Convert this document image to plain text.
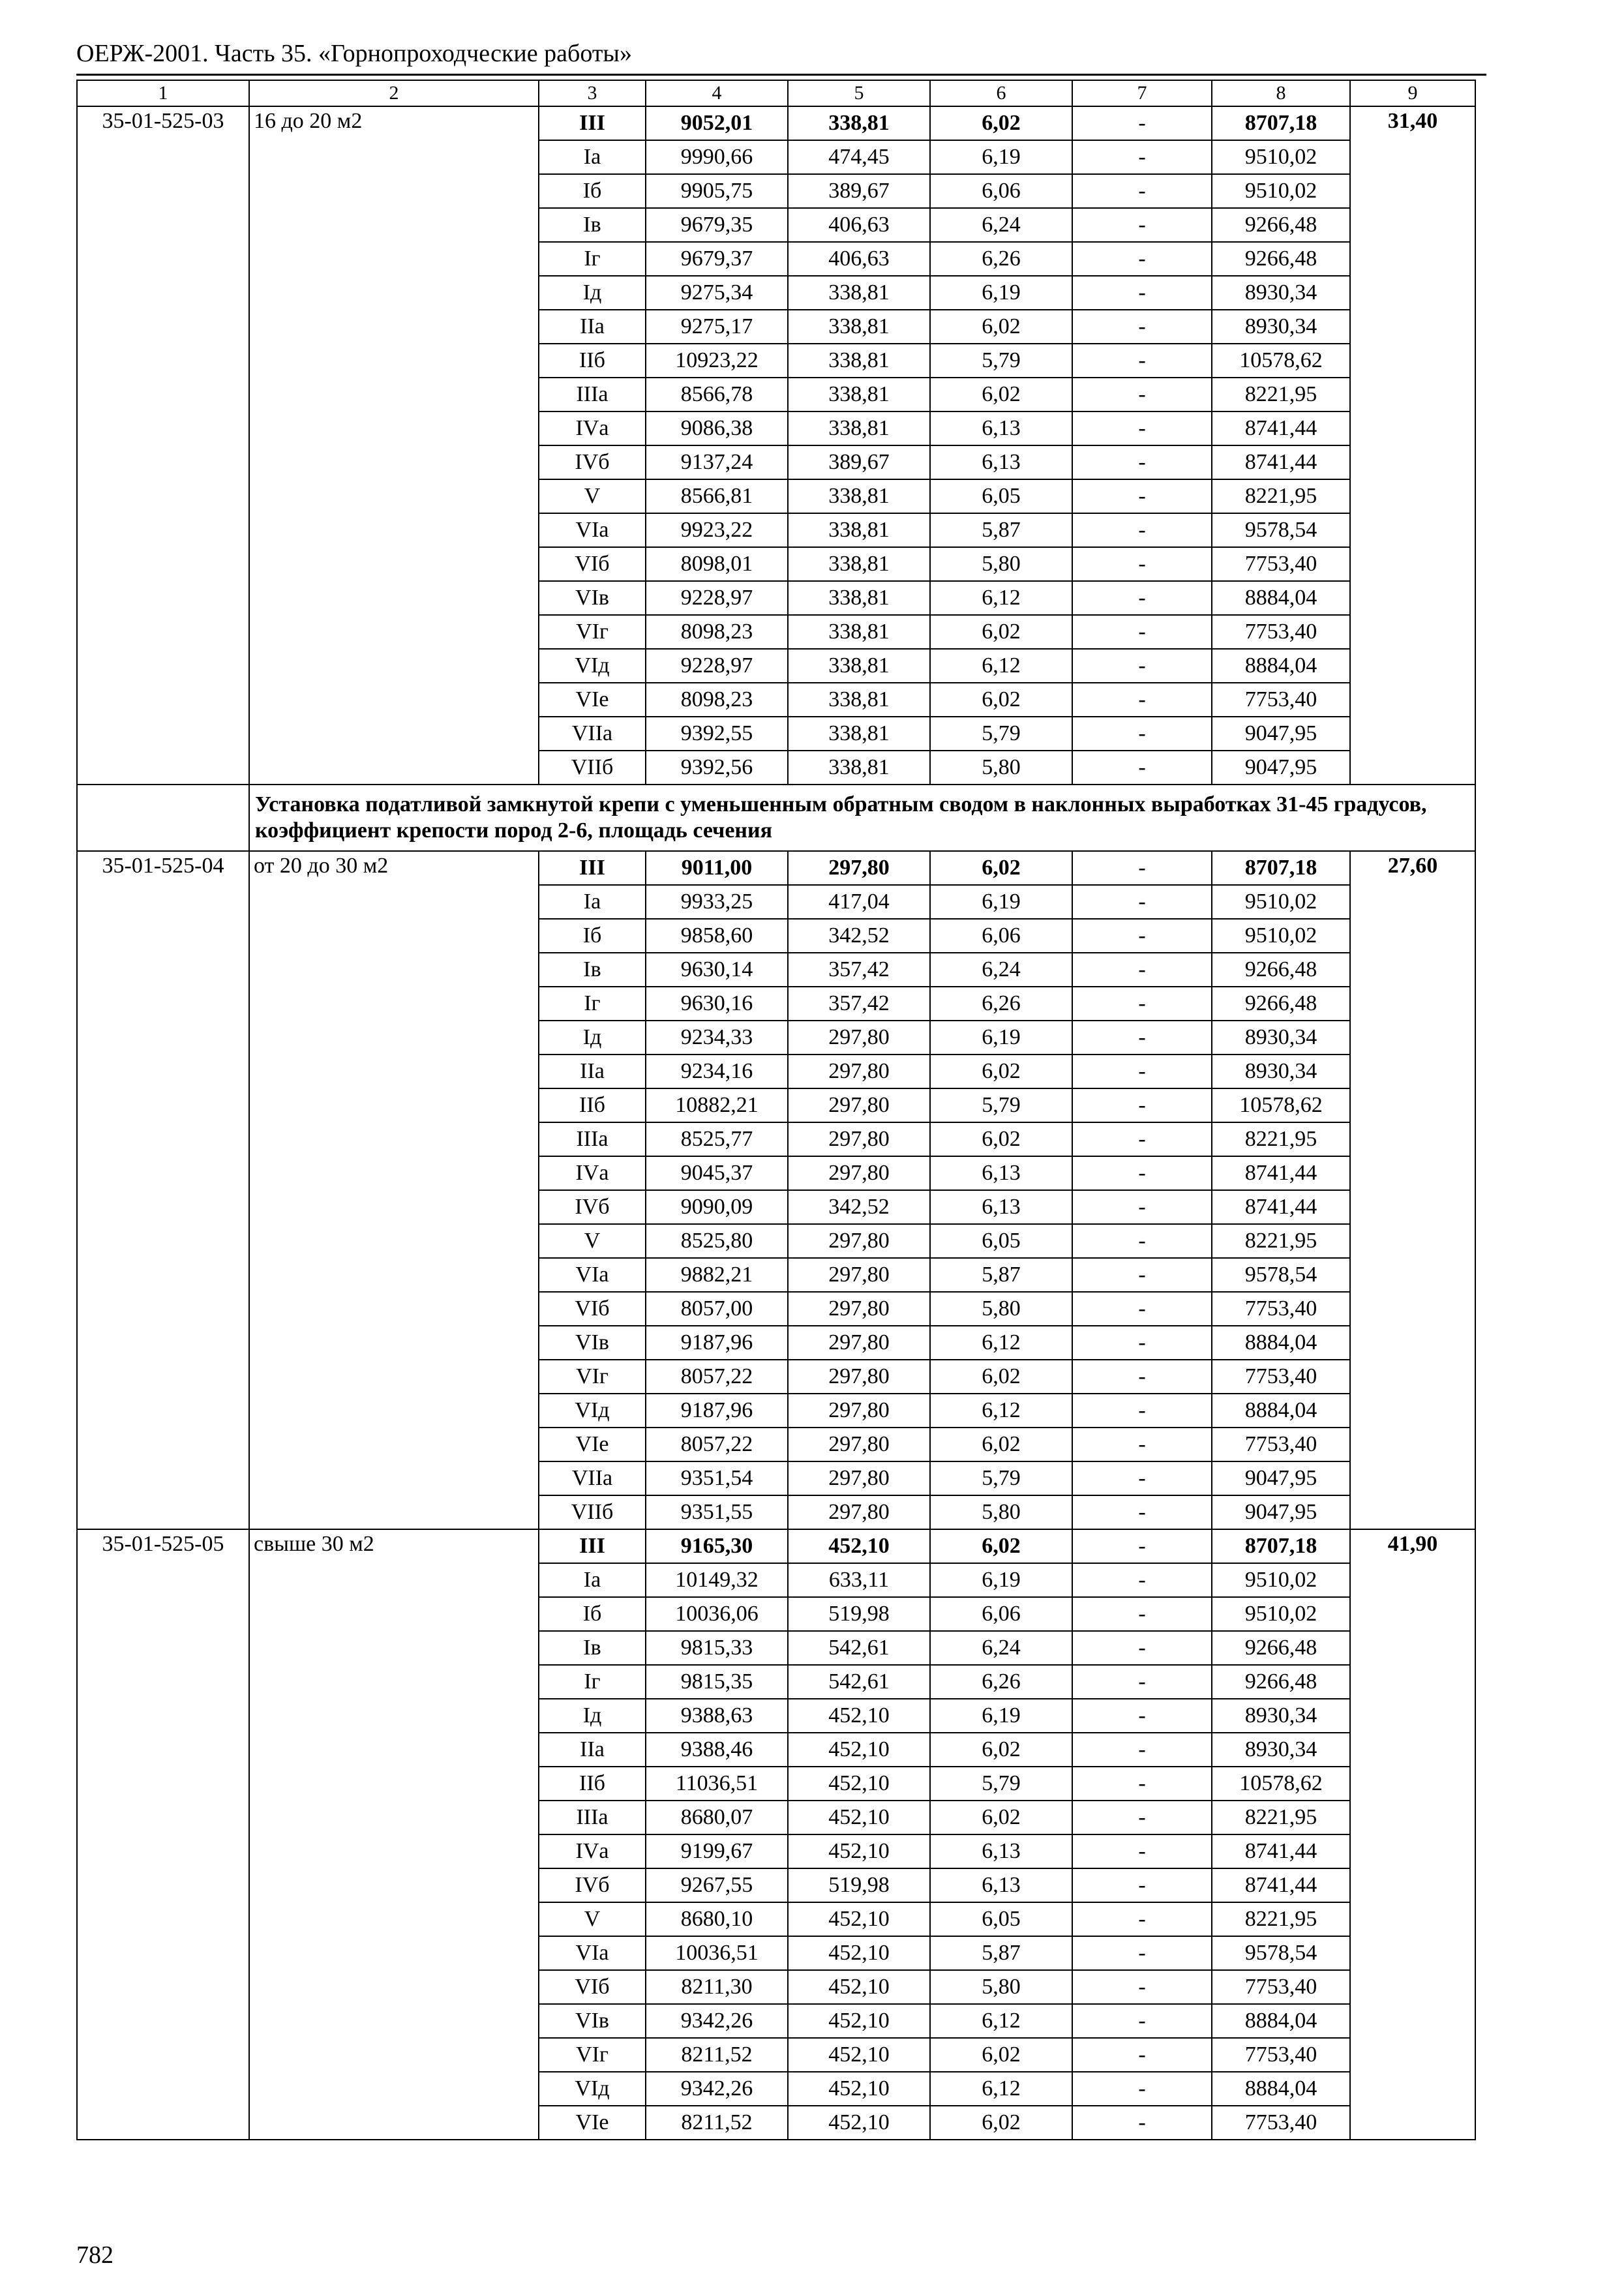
ОЕРЖ-2001. Часть 35. «Горнопроходческие работы»
1	2	3	4	5	6	7	8	9
35-01-525-03	16 до 20 м2	III	9052,01	338,81	6,02	-	8707,18	31,40
		Iа	9990,66	474,45	6,19	-	9510,02	
		Iб	9905,75	389,67	6,06	-	9510,02	
		Iв	9679,35	406,63	6,24	-	9266,48	
		Iг	9679,37	406,63	6,26	-	9266,48	
		Iд	9275,34	338,81	6,19	-	8930,34	
		IIа	9275,17	338,81	6,02	-	8930,34	
		IIб	10923,22	338,81	5,79	-	10578,62	
		IIIа	8566,78	338,81	6,02	-	8221,95	
		IVа	9086,38	338,81	6,13	-	8741,44	
		IVб	9137,24	389,67	6,13	-	8741,44	
		V	8566,81	338,81	6,05	-	8221,95	
		VIа	9923,22	338,81	5,87	-	9578,54	
		VIб	8098,01	338,81	5,80	-	7753,40	
		VIв	9228,97	338,81	6,12	-	8884,04	
		VIг	8098,23	338,81	6,02	-	7753,40	
		VIд	9228,97	338,81	6,12	-	8884,04	
		VIе	8098,23	338,81	6,02	-	7753,40	
		VIIа	9392,55	338,81	5,79	-	9047,95	
		VIIб	9392,56	338,81	5,80	-	9047,95	
	Установка податливой замкнутой крепи с уменьшенным обратным сводом в наклонных выработках 31-45 градусов, коэффициент крепости пород 2-6, площадь сечения							
35-01-525-04	от 20 до 30 м2	III	9011,00	297,80	6,02	-	8707,18	27,60
		Iа	9933,25	417,04	6,19	-	9510,02	
		Iб	9858,60	342,52	6,06	-	9510,02	
		Iв	9630,14	357,42	6,24	-	9266,48	
		Iг	9630,16	357,42	6,26	-	9266,48	
		Iд	9234,33	297,80	6,19	-	8930,34	
		IIа	9234,16	297,80	6,02	-	8930,34	
		IIб	10882,21	297,80	5,79	-	10578,62	
		IIIа	8525,77	297,80	6,02	-	8221,95	
		IVа	9045,37	297,80	6,13	-	8741,44	
		IVб	9090,09	342,52	6,13	-	8741,44	
		V	8525,80	297,80	6,05	-	8221,95	
		VIа	9882,21	297,80	5,87	-	9578,54	
		VIб	8057,00	297,80	5,80	-	7753,40	
		VIв	9187,96	297,80	6,12	-	8884,04	
		VIг	8057,22	297,80	6,02	-	7753,40	
		VIд	9187,96	297,80	6,12	-	8884,04	
		VIе	8057,22	297,80	6,02	-	7753,40	
		VIIа	9351,54	297,80	5,79	-	9047,95	
		VIIб	9351,55	297,80	5,80	-	9047,95	
35-01-525-05	свыше 30 м2	III	9165,30	452,10	6,02	-	8707,18	41,90
		Iа	10149,32	633,11	6,19	-	9510,02	
		Iб	10036,06	519,98	6,06	-	9510,02	
		Iв	9815,33	542,61	6,24	-	9266,48	
		Iг	9815,35	542,61	6,26	-	9266,48	
		Iд	9388,63	452,10	6,19	-	8930,34	
		IIа	9388,46	452,10	6,02	-	8930,34	
		IIб	11036,51	452,10	5,79	-	10578,62	
		IIIа	8680,07	452,10	6,02	-	8221,95	
		IVа	9199,67	452,10	6,13	-	8741,44	
		IVб	9267,55	519,98	6,13	-	8741,44	
		V	8680,10	452,10	6,05	-	8221,95	
		VIа	10036,51	452,10	5,87	-	9578,54	
		VIб	8211,30	452,10	5,80	-	7753,40	
		VIв	9342,26	452,10	6,12	-	8884,04	
		VIг	8211,52	452,10	6,02	-	7753,40	
		VIд	9342,26	452,10	6,12	-	8884,04	
		VIе	8211,52	452,10	6,02	-	7753,40	
782
